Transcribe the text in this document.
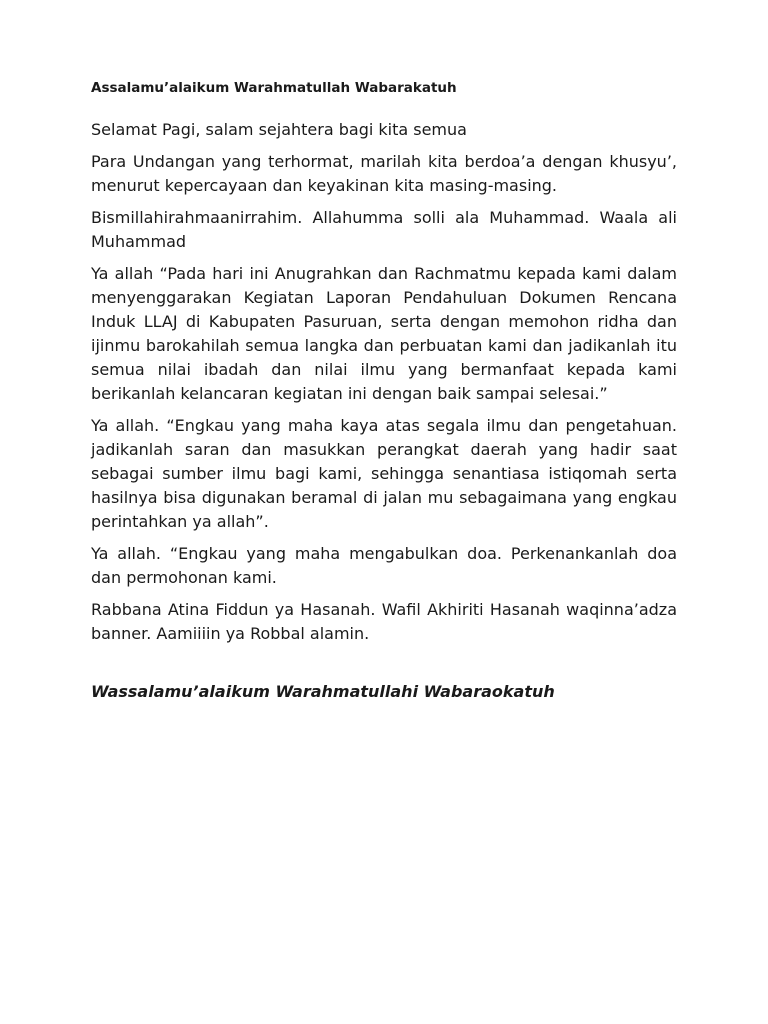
Assalamu’alaikum Warahmatullah Wabarakatuh

Selamat Pagi, salam sejahtera bagi kita semua

Para Undangan yang terhormat, marilah kita berdoa’a dengan khusyu’, menurut kepercayaan dan keyakinan kita masing-masing.

Bismillahirahmaanirrahim. Allahumma solli ala Muhammad. Waala ali Muhammad

Ya allah “Pada hari ini Anugrahkan dan Rachmatmu kepada kami dalam menyenggarakan Kegiatan Laporan Pendahuluan Dokumen Rencana Induk LLAJ di Kabupaten Pasuruan, serta dengan memohon ridha dan ijinmu barokahilah semua langka dan perbuatan kami dan jadikanlah itu semua nilai ibadah dan nilai ilmu yang bermanfaat kepada kami berikanlah kelancaran kegiatan ini dengan baik sampai selesai.”

Ya allah. “Engkau yang maha kaya atas segala ilmu dan pengetahuan. jadikanlah saran dan masukkan perangkat daerah yang hadir saat sebagai sumber ilmu bagi kami, sehingga senantiasa istiqomah serta hasilnya bisa digunakan beramal di jalan mu sebagaimana yang engkau perintahkan ya allah”.

Ya allah. “Engkau yang maha mengabulkan doa. Perkenankanlah doa dan permohonan kami.

Rabbana Atina Fiddun ya Hasanah. Wafil Akhiriti Hasanah waqinna’adza banner. Aamiiiin ya Robbal alamin.

Wassalamu’alaikum Warahmatullahi Wabaraokatuh
